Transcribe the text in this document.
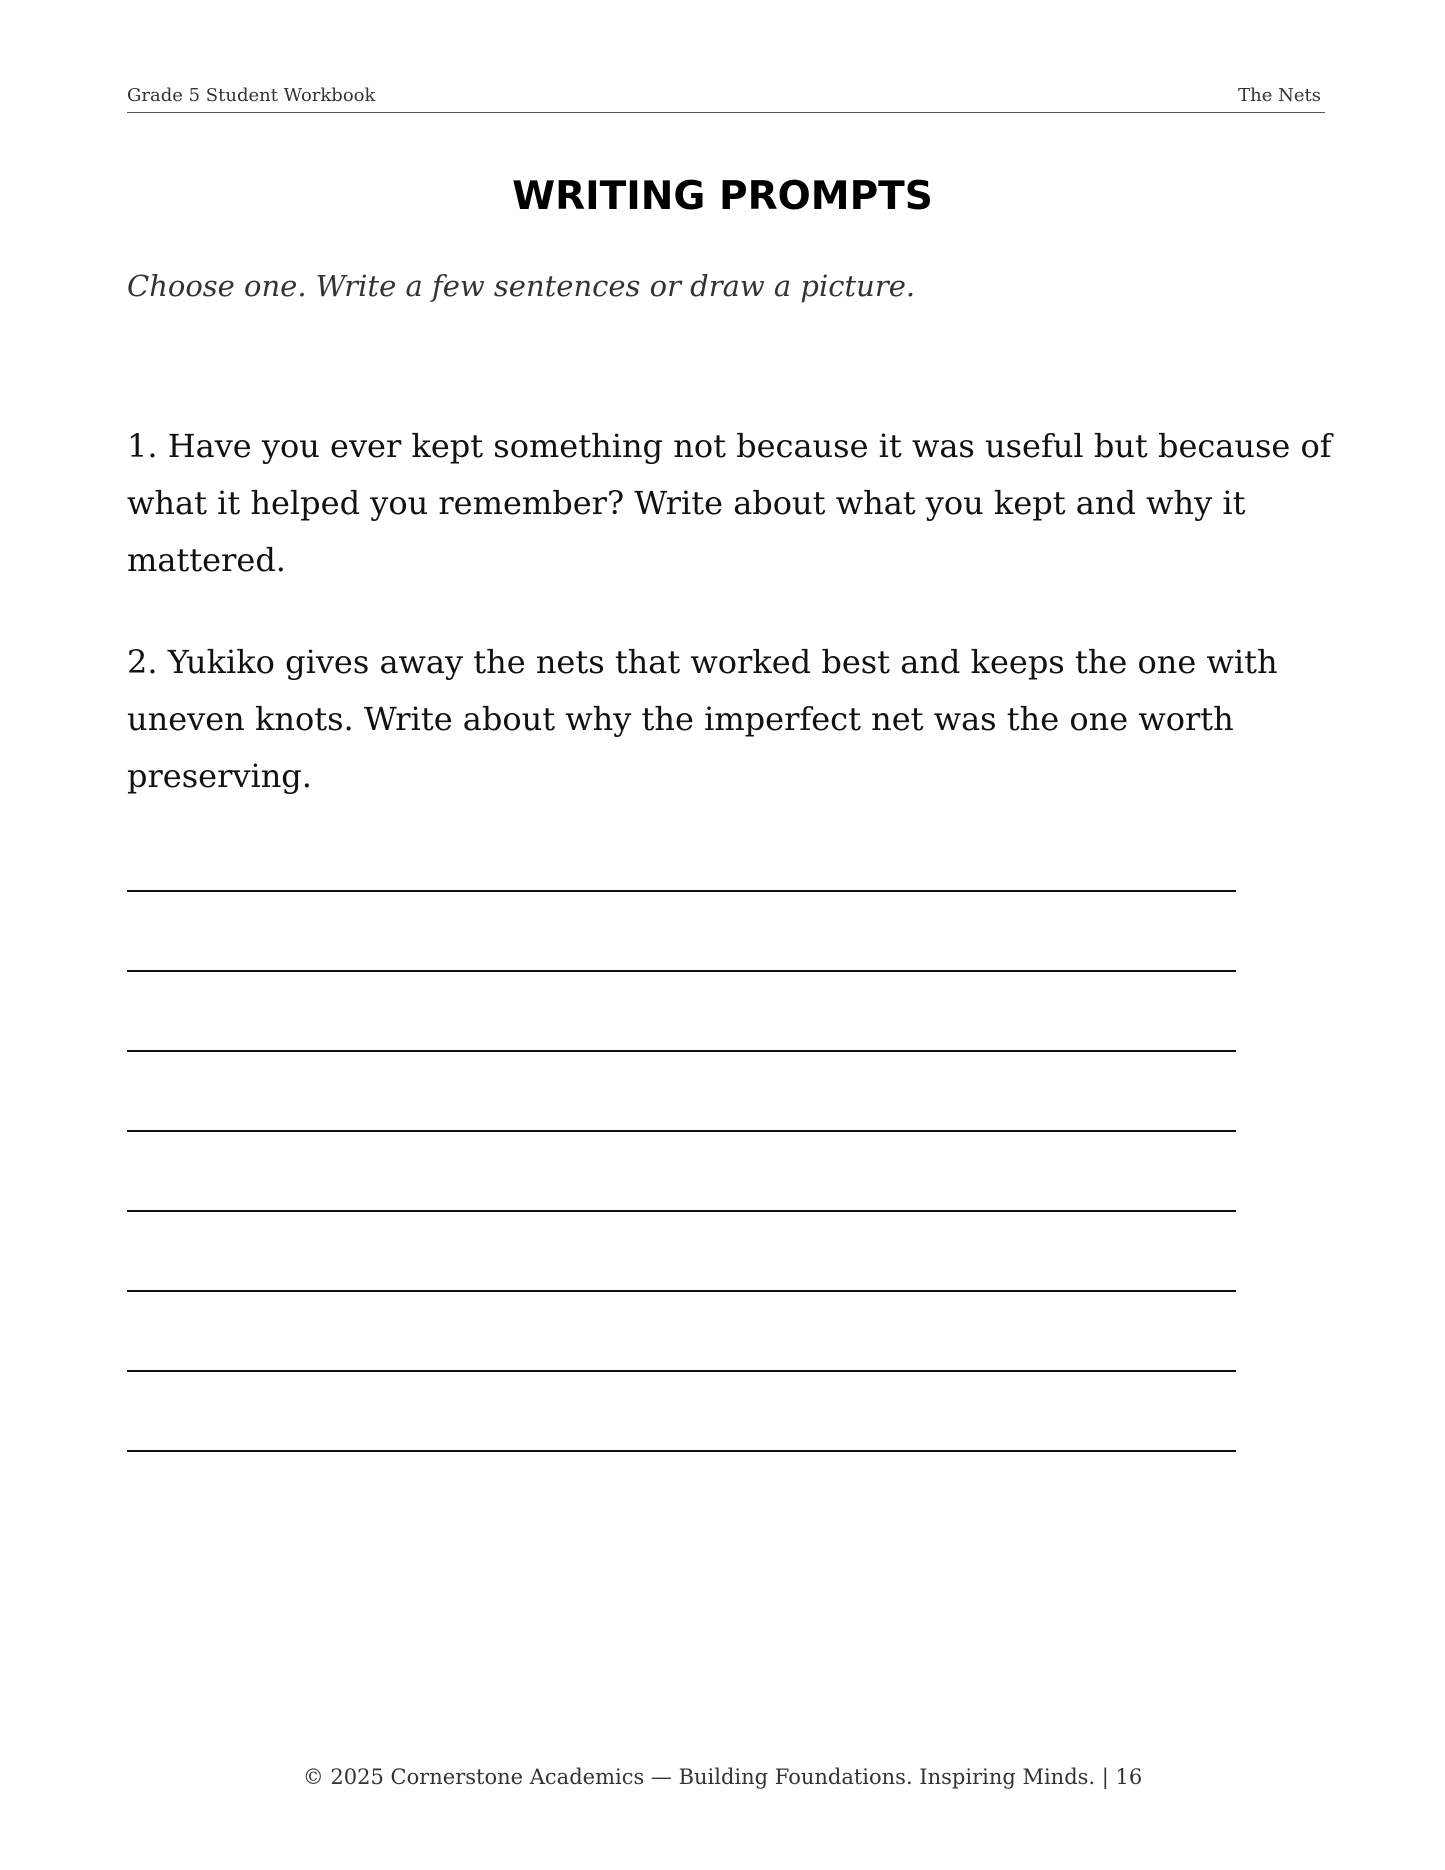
Grade 5 Student Workbook	The Nets
WRITING PROMPTS
Choose one. Write a few sentences or draw a picture.
1. Have you ever kept something not because it was useful but because of what it helped you remember? Write about what you kept and why it mattered.
2. Yukiko gives away the nets that worked best and keeps the one with uneven knots. Write about why the imperfect net was the one worth preserving.
© 2025 Cornerstone Academics — Building Foundations. Inspiring Minds. | 16
